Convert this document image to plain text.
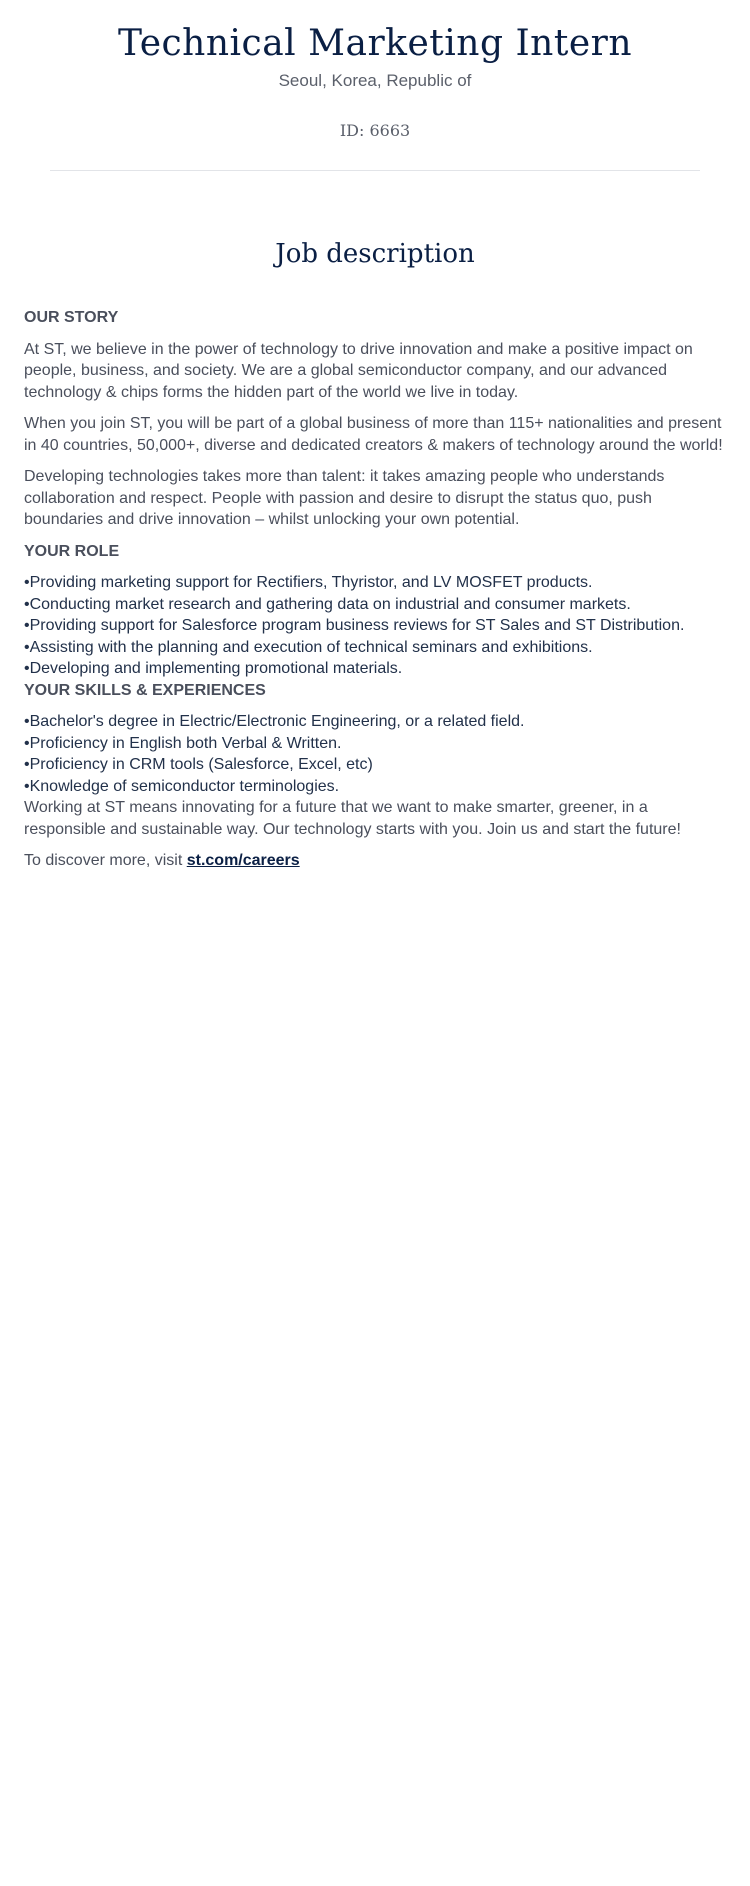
Technical Marketing Intern
Seoul, Korea, Republic of
ID: 6663
Job description
OUR STORY

At ST, we believe in the power of technology to drive innovation and make a positive impact on people, business, and society. We are a global semiconductor company, and our advanced technology & chips forms the hidden part of the world we live in today.

When you join ST, you will be part of a global business of more than 115+ nationalities and present in 40 countries, 50,000+, diverse and dedicated creators & makers of technology around the world!

Developing technologies takes more than talent: it takes amazing people who understands collaboration and respect. People with passion and desire to disrupt the status quo, push boundaries and drive innovation – whilst unlocking your own potential.

YOUR ROLE
•Providing marketing support for Rectifiers, Thyristor, and LV MOSFET products.
•Conducting market research and gathering data on industrial and consumer markets.
•Providing support for Salesforce program business reviews for ST Sales and ST Distribution.
•Assisting with the planning and execution of technical seminars and exhibitions.
•Developing and implementing promotional materials.
YOUR SKILLS & EXPERIENCES
•Bachelor's degree in Electric/Electronic Engineering, or a related field.
•Proficiency in English both Verbal & Written.
•Proficiency in CRM tools (Salesforce, Excel, etc)
•Knowledge of semiconductor terminologies.

Working at ST means innovating for a future that we want to make smarter, greener, in a responsible and sustainable way. Our technology starts with you. Join us and start the future!

To discover more, visit st.com/careers
